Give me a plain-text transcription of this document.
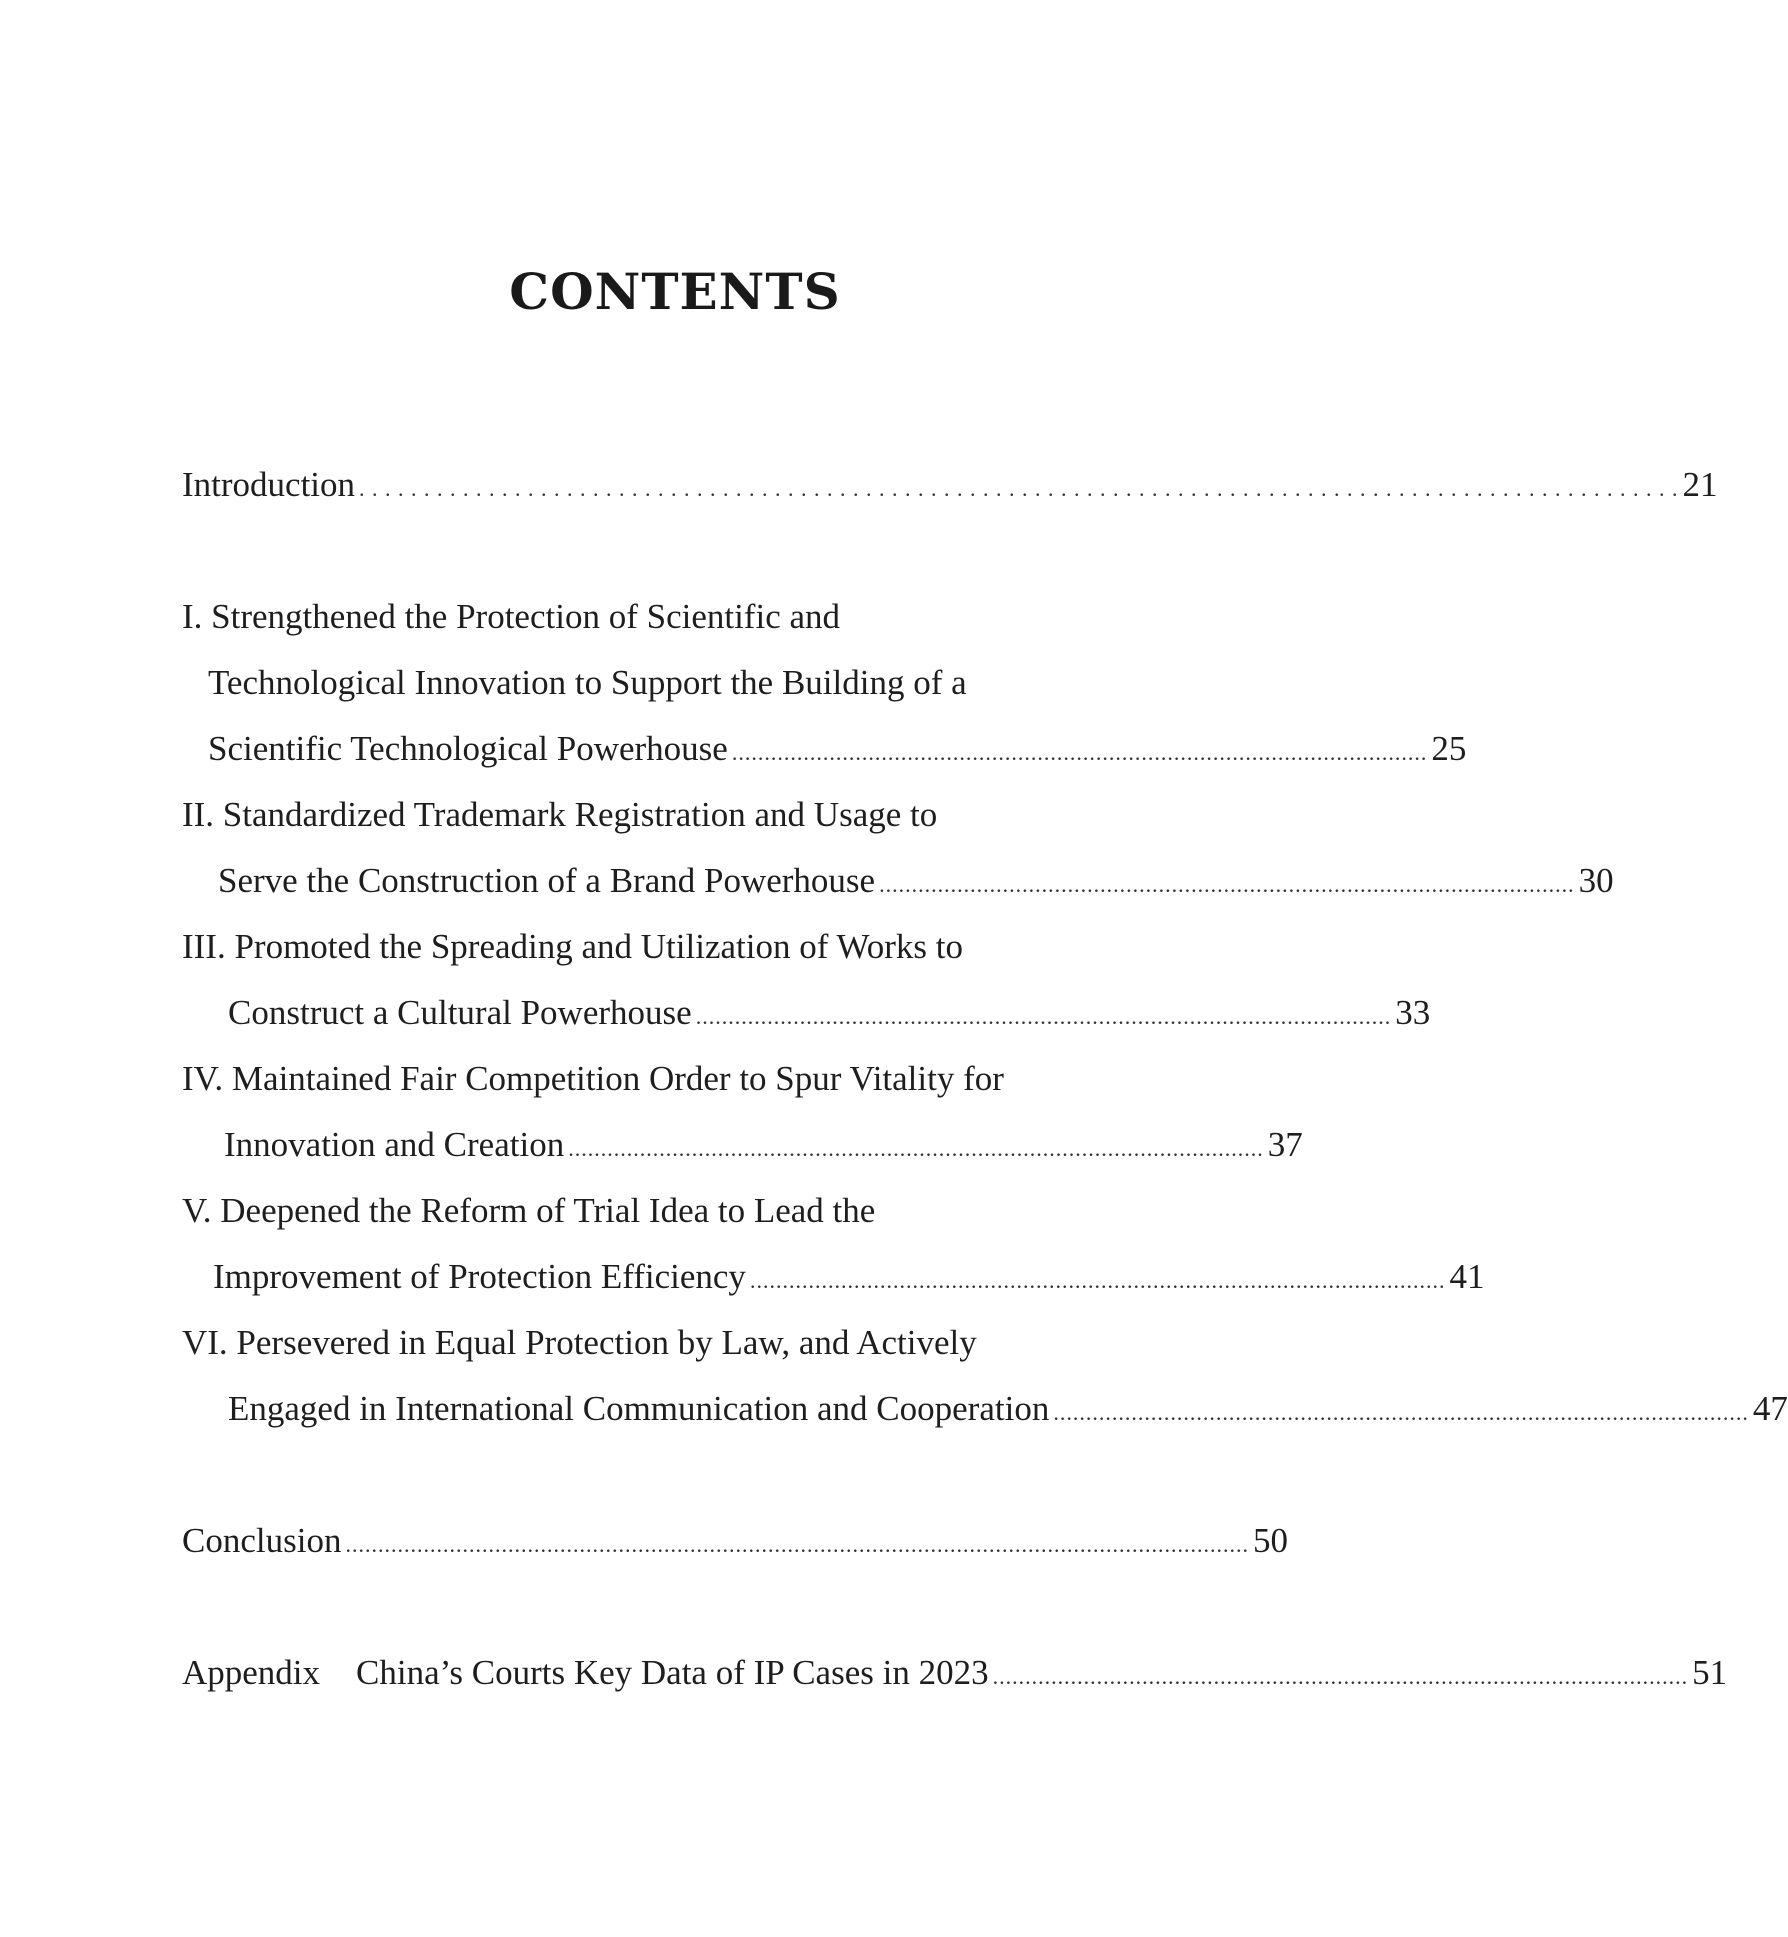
CONTENTS
Introduction . . . . . . . . . . . . . . . . . . . . . . . . . . . . . . . . . . . . . . . . . . . . . . . . . . . . . . . . . . . . . . . . . . . . . . . . . . . . . . . . . . . . . . . . . . . . . . . . . . . . . . 21
I. Strengthened the Protection of Scientific and
Technological Innovation to Support the Building of a
Scientific Technological Powerhouse ........................................................................................................... 25
II. Standardized Trademark Registration and Usage to
Serve the Construction of a Brand Powerhouse ........................................................................................................... 30
III. Promoted the Spreading and Utilization of Works to
Construct a Cultural Powerhouse ........................................................................................................... 33
IV. Maintained Fair Competition Order to Spur Vitality for
Innovation and Creation ........................................................................................................... 37
V. Deepened the Reform of Trial Idea to Lead the
Improvement of Protection Efficiency ........................................................................................................... 41
VI. Persevered in Equal Protection by Law, and Actively
Engaged in International Communication and Cooperation ........................................................................................................... 47
Conclusion ........................................................................................................................................... 50
Appendix China’s Courts Key Data of IP Cases in 2023 ........................................................................................................... 51
